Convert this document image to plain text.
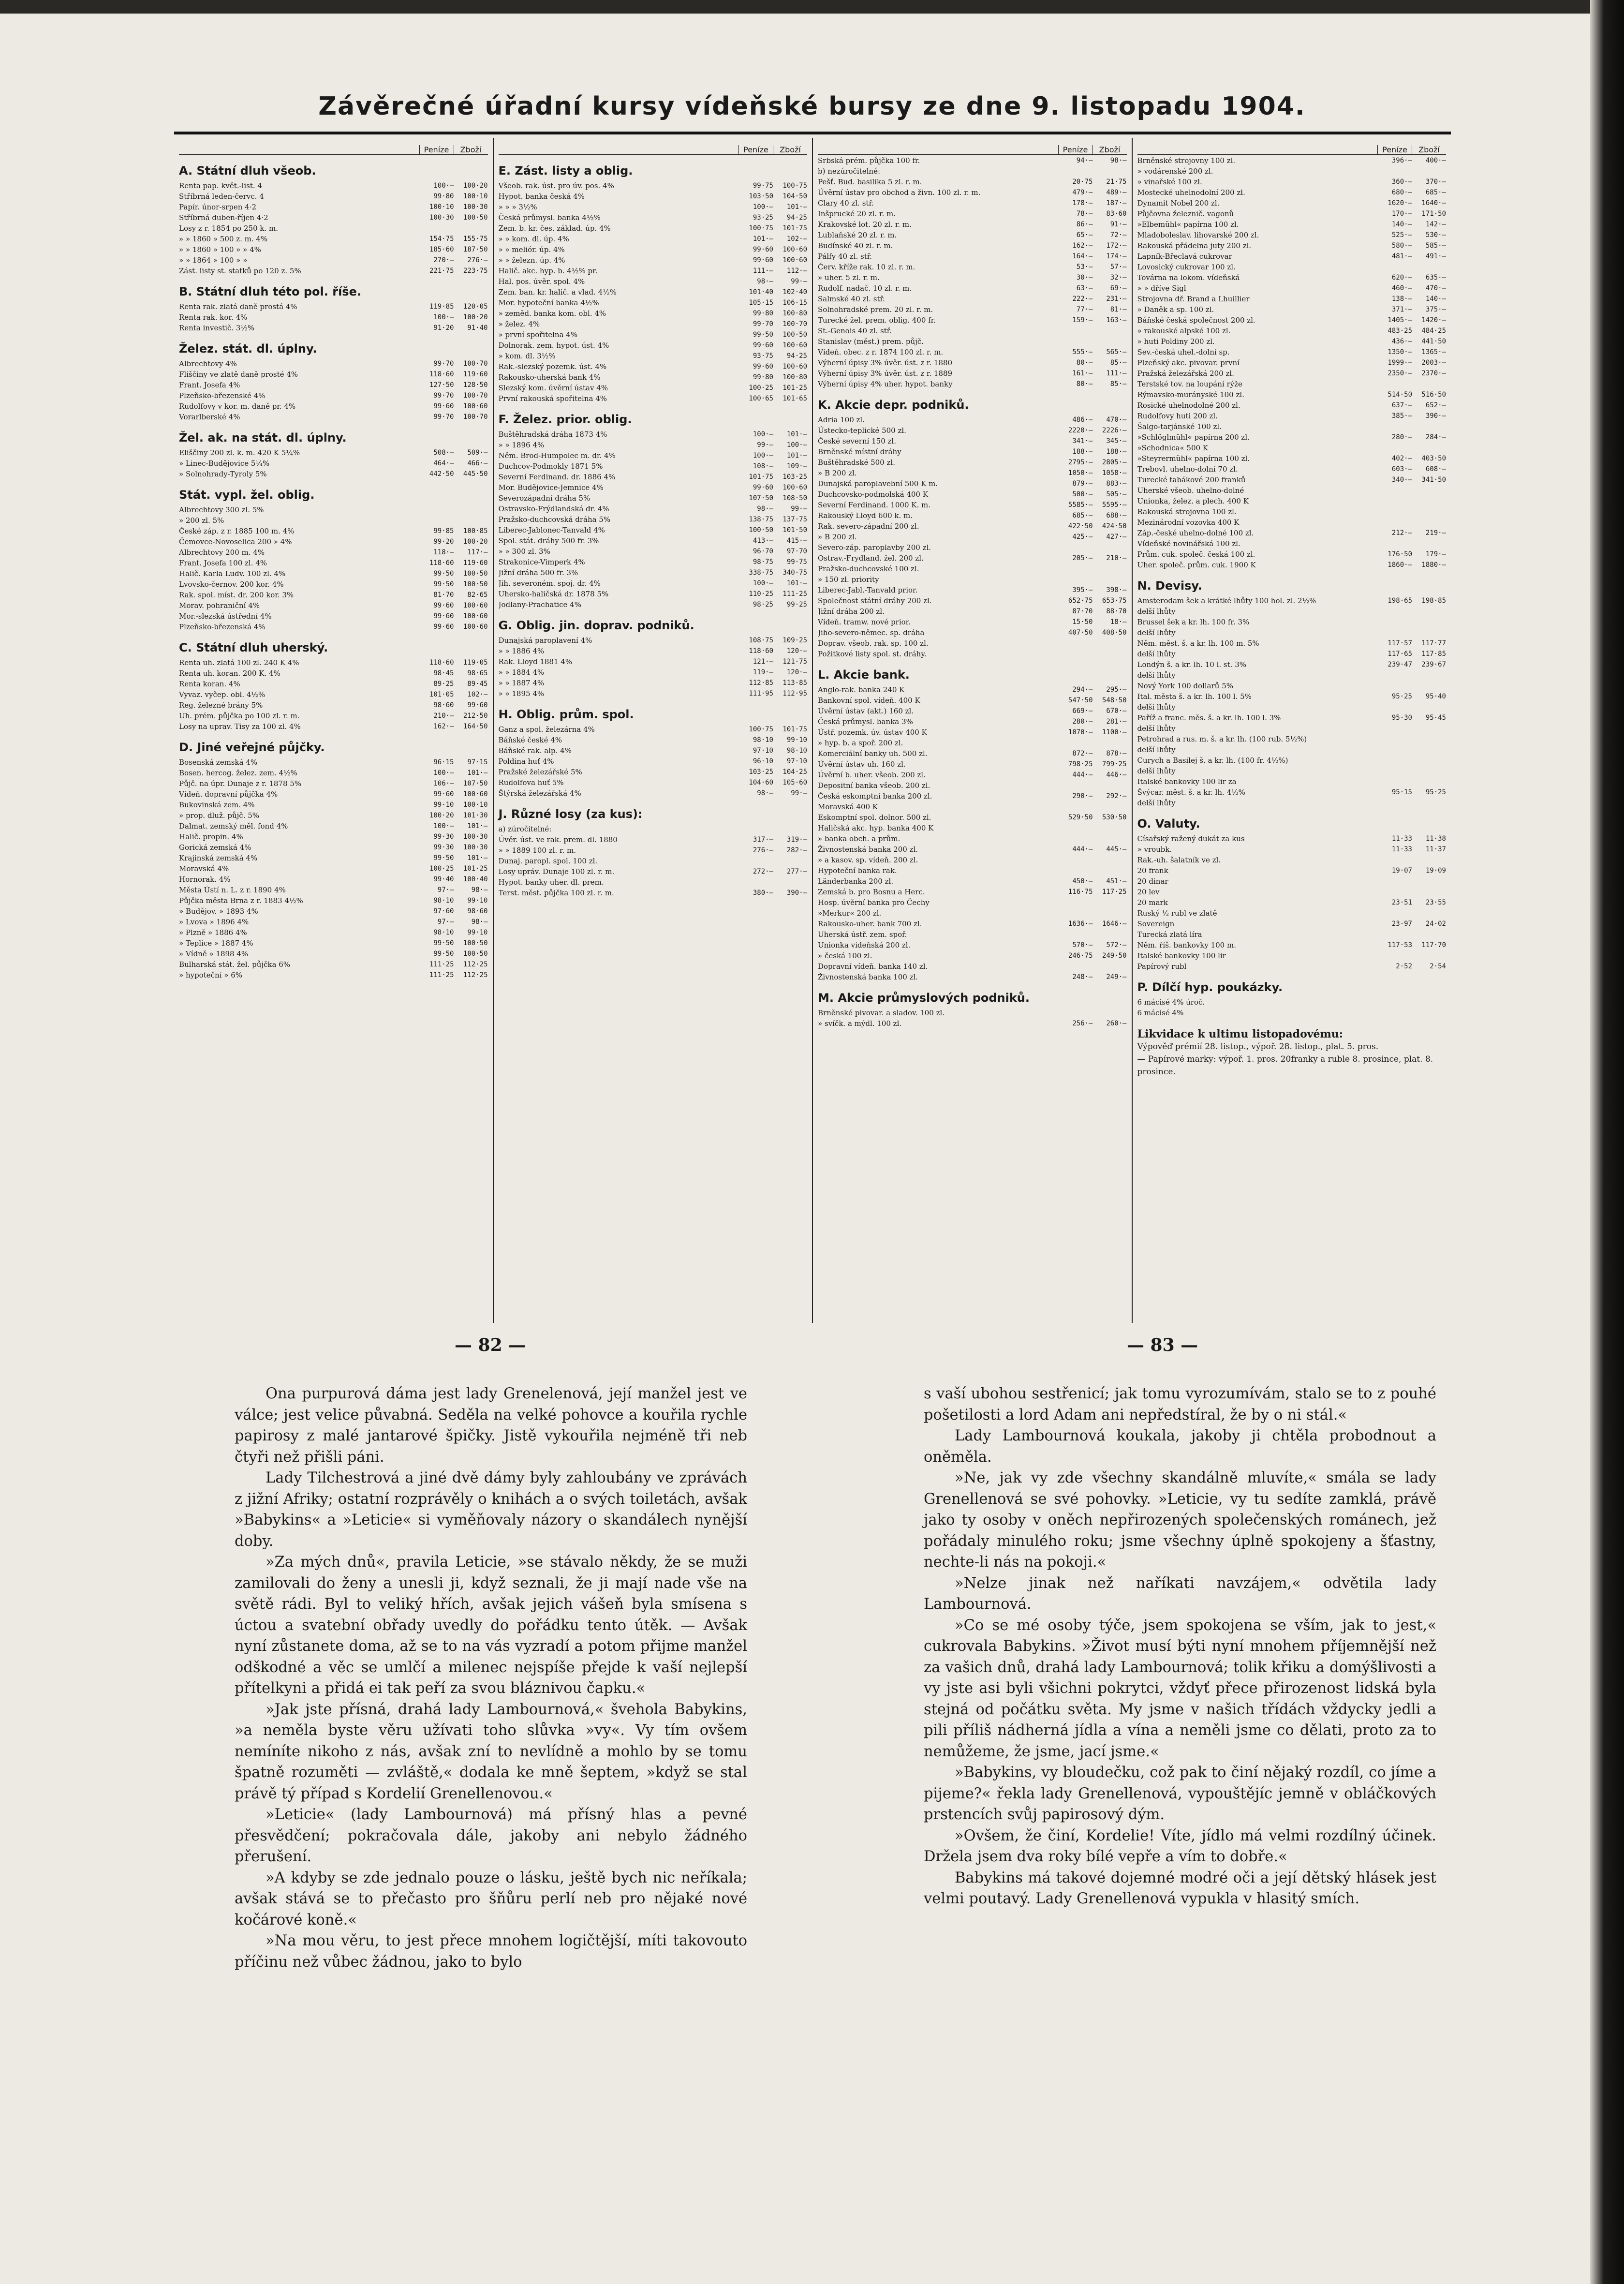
Závěrečné úřadní kursy vídeňské bursy ze dne 9. listopadu 1904.
Peníze	Zboží
A. Státní dluh všeob.
Renta pap. květ.-list. 4	100·—	100·20
Stříbrná leden-červc. 4	99·80	100·10
Papír. únor-srpen 4·2	100·10	100·30
Stříbrná duben-říjen 4·2	100·30	100·50
Losy z r. 1854 po 250 k. m.
» » 1860 » 500 z. m. 4%	154·75	155·75
» » 1860 » 100 » » 4%	185·60	187·50
» » 1864 » 100 » »	270·—	276·—
Zást. listy st. statků po 120 z. 5%	221·75	223·75
B. Státní dluh této pol. říše.
Renta rak. zlatá daně prostá 4%	119·85	120·05
Renta rak. kor. 4%	100·—	100·20
Renta investič. 3½%	91·20	91·40
Želez. stát. dl. úplny.
Albrechtovy 4%	99·70	100·70
Fliščiny ve zlatě daně prosté 4%	118·60	119·60
Frant. Josefa 4%	127·50	128·50
Plzeňsko-březenské 4%	99·70	100·70
Rudolfovy v kor. m. daně pr. 4%	99·60	100·60
Vorarlberské 4%	99·70	100·70
Žel. ak. na stát. dl. úplny.
Eliščiny 200 zl. k. m. 420 K 5¼%	508·—	509·—
» Linec-Budějovice 5¼%	464·—	466·—
» Solnohrady-Tyroly 5%	442·50	445·50
Stát. vypl. žel. oblig.
Albrechtovy 300 zl. 5%
» 200 zl. 5%
České záp. z r. 1885 100 m. 4%	99·85	100·85
Čemovce-Novoselica 200 » 4%	99·20	100·20
Albrechtovy 200 m. 4%	118·—	117·—
Frant. Josefa 100 zl. 4%	118·60	119·60
Halič. Karla Ludv. 100 zl. 4%	99·50	100·50
Lvovsko-černov. 200 kor. 4%	99·50	100·50
Rak. spol. míst. dr. 200 kor. 3%	81·70	82·65
Morav. pohraniční 4%	99·60	100·60
Mor.-slezská ústřední 4%	99·60	100·60
Plzeňsko-březenská 4%	99·60	100·60
C. Státní dluh uherský.
Renta uh. zlatá 100 zl. 240 K 4%	118·60	119·05
Renta uh. koran. 200 K. 4%	98·45	98·65
Renta koran. 4%	89·25	89·45
Vyvaz. vyčep. obl. 4½%	101·05	102·—
Reg. železné brány 5%	98·60	99·60
Uh. prém. půjčka po 100 zl. r. m.	210·—	212·50
Losy na uprav. Tisy za 100 zl. 4%	162·—	164·50
D. Jiné veřejné půjčky.
Bosenská zemská 4%	96·15	97·15
Bosen. hercog. želez. zem. 4½%	100·—	101·—
Půjč. na úpr. Dunaje z r. 1878 5%	106·—	107·50
Vídeň. dopravní půjčka 4%	99·60	100·60
Bukovinská zem. 4%	99·10	100·10
» prop. dluž. půjč. 5%	100·20	101·30
Dalmat. zemský měl. fond 4%	100·—	101·—
Halič. propin. 4%	99·30	100·30
Gorická zemská 4%	99·30	100·30
Krajinská zemská 4%	99·50	101·—
Moravská 4%	100·25	101·25
Hornorak. 4%	99·40	100·40
Města Ústí n. L. z r. 1890 4%	97·—	98·—
Půjčka města Brna z r. 1883 4½%	98·10	99·10
» Budějov. » 1893 4%	97·60	98·60
» Lvova » 1896 4%	97·—	98·—
» Plzně » 1886 4%	98·10	99·10
» Teplice » 1887 4%	99·50	100·50
» Vídně » 1898 4%	99·50	100·50
Bulharská stát. žel. půjčka 6%	111·25	112·25
» hypoteční » 6%	111·25	112·25
Peníze	Zboží
E. Zást. listy a oblig.
Všeob. rak. úst. pro úv. pos. 4%	99·75	100·75
Hypot. banka česká 4%	103·50	104·50
» » » 3½%	100·—	101·—
Česká průmysl. banka 4½%	93·25	94·25
Zem. b. kr. čes. základ. úp. 4%	100·75	101·75
» » kom. dl. úp. 4%	101·—	102·—
» » meliór. úp. 4%	99·60	100·60
» » železn. úp. 4%	99·60	100·60
Halič. akc. hyp. b. 4½% pr.	111·—	112·—
Hal. pos. úvěr. spol. 4%	98·—	99·—
Zem. ban. kr. halič. a vlad. 4½%	101·40	102·40
Mor. hypoteční banka 4½%	105·15	106·15
» zeměd. banka kom. obl. 4%	99·80	100·80
» želez. 4%	99·70	100·70
» první spořitelna 4%	99·50	100·50
Dolnorak. zem. hypot. úst. 4%	99·60	100·60
» kom. dl. 3½%	93·75	94·25
Rak.-slezský pozemk. úst. 4%	99·60	100·60
Rakousko-uherská bank 4%	99·80	100·80
Slezský kom. úvěrní ústav 4%	100·25	101·25
První rakouská spořitelna 4%	100·65	101·65
F. Želez. prior. oblig.
Buštěhradská dráha 1873 4%	100·—	101·—
» » 1896 4%	99·—	100·—
Něm. Brod-Humpolec m. dr. 4%	100·—	101·—
Duchcov-Podmokly 1871 5%	108·—	109·—
Severní Ferdinand. dr. 1886 4%	101·75	103·25
Mor. Budějovice-Jemnice 4%	99·60	100·60
Severozápadní dráha 5%	107·50	108·50
Ostravsko-Frýdlandská dr. 4%	98·—	99·—
Pražsko-duchcovská dráha 5%	138·75	137·75
Liberec-Jablonec-Tanvald 4%	100·50	101·50
Spol. stát. dráhy 500 fr. 3%	413·—	415·—
» » 300 zl. 3%	96·70	97·70
Strakonice-Vimperk 4%	98·75	99·75
Jižní dráha 500 fr. 3%	338·75	340·75
Jih. severoném. spoj. dr. 4%	100·—	101·—
Uhersko-haličská dr. 1878 5%	110·25	111·25
Jodlany-Prachatice 4%	98·25	99·25
G. Oblig. jin. doprav. podniků.
Dunajská paroplavení 4%	108·75	109·25
» » 1886 4%	118·60	120·—
Rak. Lloyd 1881 4%	121·—	121·75
» » 1884 4%	119·—	120·—
» » 1887 4%	112·85	113·85
» » 1895 4%	111·95	112·95
H. Oblig. prům. spol.
Ganz a spol. železárna 4%	100·75	101·75
Báňské české 4%	98·10	99·10
Báňské rak. alp. 4%	97·10	98·10
Poldina huť 4%	96·10	97·10
Pražské železářské 5%	103·25	104·25
Rudolfova huť 5%	104·60	105·60
Štýrská železářská 4%	98·—	99·—
J. Různé losy (za kus):
a) zúročitelné:
Úvěr. úst. ve rak. prem. dl. 1880	317·—	319·—
» » 1889 100 zl. r. m.	276·—	282·—
Dunaj. paropl. spol. 100 zl.
Losy upráv. Dunaje 100 zl. r. m.	272·—	277·—
Hypot. banky uher. dl. prem.
Terst. měst. půjčka 100 zl. r. m.	380·—	390·—
Peníze	Zboží
Srbská prém. půjčka 100 fr.	94·—	98·—
b) nezúročitelné:
Pešť. Bud. basilika 5 zl. r. m.	20·75	21·75
Úvěrní ústav pro obchod a živn. 100 zl. r. m.	479·—	489·—
Clary 40 zl. stř.	178·—	187·—
Inšprucké 20 zl. r. m.	78·—	83·60
Krakovské lot. 20 zl. r. m.	86·—	91·—
Lublaňské 20 zl. r. m.	65·—	72·—
Budínské 40 zl. r. m.	162·—	172·—
Pálfy 40 zl. stř.	164·—	174·—
Červ. kříže rak. 10 zl. r. m.	53·—	57·—
» uher. 5 zl. r. m.	30·—	32·—
Rudolf. nadač. 10 zl. r. m.	63·—	69·—
Salmské 40 zl. stř.	222·—	231·—
Solnohradské prem. 20 zl. r. m.	77·—	81·—
Turecké žel. prem. oblig. 400 fr.	159·—	163·—
St.-Genois 40 zl. stř.
Stanislav (měst.) prem. půjč.
Vídeň. obec. z r. 1874 100 zl. r. m.	555·—	565·—
Výherní úpisy 3% úvěr. úst. z r. 1880	80·—	85·—
Výherní úpisy 3% úvěr. úst. z r. 1889	161·—	111·—
Výherní úpisy 4% uher. hypot. banky	80·—	85·—
K. Akcie depr. podniků.
Adria 100 zl.	486·—	470·—
Ústecko-teplické 500 zl.	2220·—	2226·—
České severní 150 zl.	341·—	345·—
Brněnské místní dráhy	188·—	188·—
Buštěhradské 500 zl.	2795·—	2805·—
» B 200 zl.	1050·—	1058·—
Dunajská paroplavební 500 K m.	879·—	883·—
Duchcovsko-podmolská 400 K	500·—	505·—
Severní Ferdinand. 1000 K. m.	5585·—	5595·—
Rakouský Lloyd 600 k. m.	685·—	688·—
Rak. severo-západní 200 zl.	422·50	424·50
» B 200 zl.	425·—	427·—
Severo-záp. paroplavby 200 zl.
Ostrav.-Frydland. žel. 200 zl.	205·—	210·—
Pražsko-duchcovské 100 zl.
» 150 zl. priority
Liberec-Jabl.-Tanvald prior.	395·—	398·—
Společnost státní dráhy 200 zl.	652·75	653·75
Jižní dráha 200 zl.	87·70	88·70
Vídeň. tramw. nové prior.	15·50	18·—
Jiho-severo-němec. sp. dráha	407·50	408·50
Doprav. všeob. rak. sp. 100 zl.
Požitkové listy spol. st. dráhy.
L. Akcie bank.
Anglo-rak. banka 240 K	294·—	295·—
Bankovní spol. vídeň. 400 K	547·50	548·50
Úvěrní ústav (akt.) 160 zl.	669·—	670·—
Česká průmysl. banka 3%	280·—	281·—
Ústř. pozemk. úv. ústav 400 K	1070·—	1100·—
» hyp. b. a spoř. 200 zl.
Komerciální banky uh. 500 zl.	872·—	878·—
Úvěrní ústav uh. 160 zl.	798·25	799·25
Úvěrní b. uher. všeob. 200 zl.	444·—	446·—
Depositní banka všeob. 200 zl.
Česká eskomptní banka 200 zl.	290·—	292·—
Moravská 400 K
Eskomptní spol. dolnor. 500 zl.	529·50	530·50
Haličská akc. hyp. banka 400 K
» banka obch. a prům.
Živnostenská banka 200 zl.	444·—	445·—
» a kasov. sp. vídeň. 200 zl.
Hypoteční banka rak.
Länderbanka 200 zl.	450·—	451·—
Zemská b. pro Bosnu a Herc.	116·75	117·25
Hosp. úvěrní banka pro Čechy
»Merkur« 200 zl.
Rakousko-uher. bank 700 zl.	1636·—	1646·—
Uherská ústř. zem. spoř.
Unionka vídeňská 200 zl.	570·—	572·—
» česká 100 zl.	246·75	249·50
Dopravní vídeň. banka 140 zl.
Živnostenská banka 100 zl.	248·—	249·—
M. Akcie průmyslových podniků.
Brněnské pivovar. a sladov. 100 zl.
» svíčk. a mýdl. 100 zl.	256·—	260·—
Peníze	Zboží
Brněnské strojovny 100 zl.	396·—	400·—
» vodárenské 200 zl.
» vinařské 100 zl.	360·—	370·—
Mostecké uhelnodolní 200 zl.	680·—	685·—
Dynamit Nobel 200 zl.	1620·—	1640·—
Půjčovna železnič. vagonů	170·—	171·50
»Elbemühl« papírna 100 zl.	140·—	142·—
Mladoboleslav. lihovarské 200 zl.	525·—	530·—
Rakouská přádelna juty 200 zl.	580·—	585·—
Lapník-Břeclavá cukrovar	481·—	491·—
Lovosický cukrovar 100 zl.
Továrna na lokom. vídeňská	620·—	635·—
» » dříve Sigl	460·—	470·—
Strojovna dř. Brand a Lhuillier	138·—	140·—
» Daněk a sp. 100 zl.	371·—	375·—
Báňské česká společnost 200 zl.	1405·—	1420·—
» rakouské alpské 100 zl.	483·25	484·25
» huti Poldiny 200 zl.	436·—	441·50
Sev.-česká uhel.-dolní sp.	1350·—	1365·—
Plzeňský akc. pivovar. první	1999·—	2003·—
Pražská železářská 200 zl.	2350·—	2370·—
Terstské tov. na loupání rýže
Rýmavsko-murányské 100 zl.	514·50	516·50
Rosické uhelnodolné 200 zl.	637·—	652·—
Rudolfovy huti 200 zl.	385·—	390·—
Šalgo-tarjánské 100 zl.
»Schlöglmühl« papírna 200 zl.	280·—	284·—
»Schodnica« 500 K
»Steyrermühl« papírna 100 zl.	402·—	403·50
Trebovl. uhelno-dolní 70 zl.	603·—	608·—
Turecké tabákové 200 franků	340·—	341·50
Uherské všeob. uhelno-dolné
Unionka, želez. a plech. 400 K
Rakouská strojovna 100 zl.
Mezinárodní vozovka 400 K
Záp.-české uhelno-dolné 100 zl.	212·—	219·—
Vídeňské novinářská 100 zl.
Prům. cuk. společ. česká 100 zl.	176·50	179·—
Uher. společ. prům. cuk. 1900 K	1860·—	1880·—
N. Devisy.
Amsterodam šek a krátké lhůty 100 hol. zl. 2½%	198·65	198·85
delší lhůty
Brussel šek a kr. lh. 100 fr. 3%
delší lhůty
Něm. měst. š. a kr. lh. 100 m. 5%	117·57	117·77
delší lhůty	117·65	117·85
Londýn š. a kr. lh. 10 l. st. 3%	239·47	239·67
delší lhůty
Nový York 100 dollarů 5%
Ital. města š. a kr. lh. 100 l. 5%	95·25	95·40
delší lhůty
Paříž a franc. měs. š. a kr. lh. 100 l. 3%	95·30	95·45
delší lhůty
Petrohrad a rus. m. š. a kr. lh. (100 rub. 5½%)
delší lhůty
Curych a Basilej š. a kr. lh. (100 fr. 4½%)
delší lhůty
Italské bankovky 100 lir za
Švýcar. měst. š. a kr. lh. 4½%	95·15	95·25
delší lhůty
O. Valuty.
Císařský ražený dukát za kus	11·33	11·38
» vroubk.	11·33	11·37
Rak.-uh. šalatník ve zl.
20 frank	19·07	19·09
20 dinar
20 lev
20 mark	23·51	23·55
Ruský ½ rubl ve zlatě
Sovereign	23·97	24·02
Turecká zlatá líra
Něm. říš. bankovky 100 m.	117·53	117·70
Italské bankovky 100 lir
Papírový rubl	2·52	2·54
P. Dílčí hyp. poukázky.
6 mácisé 4% úroč.
6 mácisé 4%
Likvidace k ultimu listopadovému:
Výpověď prémií 28. listop., výpoř. 28. listop., plat. 5. pros.
— Papírové marky: výpoř. 1. pros. 20franky a ruble 8. prosince, plat. 8. prosince.
— 82 —	— 83 —

Ona purpurová dáma jest lady Grenelenová, její manžel jest ve válce; jest velice půvabná. Seděla na velké pohovce a kouřila rychle papirosy z malé jantarové špičky. Jistě vykouřila nejméně tři neb čtyři než přišli páni.

Lady Tilchestrová a jiné dvě dámy byly zahloubány ve zprávách z jižní Afriky; ostatní rozprávěly o knihách a o svých toiletách, avšak »Babykins« a »Leticie« si vyměňovaly názory o skandálech nynější doby.

»Za mých dnů«, pravila Leticie, »se stávalo někdy, že se muži zamilovali do ženy a unesli ji, když seznali, že ji mají nade vše na světě rádi. Byl to veliký hřích, avšak jejich vášeň byla smísena s úctou a svatební obřady uvedly do pořádku tento útěk. — Avšak nyní zůstanete doma, až se to na vás vyzradí a potom přijme manžel odškodné a věc se umlčí a milenec nejspíše přejde k vaší nejlepší přítelkyni a přidá ei tak peří za svou bláznivou čapku.«

»Jak jste přísná, drahá lady Lambournová,« švehola Babykins, »a neměla byste věru užívati toho slůvka »vy«. Vy tím ovšem nemíníte nikoho z nás, avšak zní to nevlídně a mohlo by se tomu špatně rozuměti — zvláště,« dodala ke mně šeptem, »když se stal právě tý případ s Kordelií Grenellenovou.«

»Leticie« (lady Lambournová) má přísný hlas a pevné přesvědčení; pokračovala dále, jakoby ani nebylo žádného přerušení.

»A kdyby se zde jednalo pouze o lásku, ještě bych nic neříkala; avšak stává se to přečasto pro šňůru perlí neb pro nějaké nové kočárové koně.«

»Na mou věru, to jest přece mnohem logičtější, míti takovouto příčinu než vůbec žádnou, jako to bylo

s vaší ubohou sestřenicí; jak tomu vyrozumívám, stalo se to z pouhé pošetilosti a lord Adam ani nepředstíral, že by o ni stál.«

Lady Lambournová koukala, jakoby ji chtěla probodnout a oněměla.

»Ne, jak vy zde všechny skandálně mluvíte,« smála se lady Grenellenová se své pohovky. »Leticie, vy tu sedíte zamklá, právě jako ty osoby v oněch nepřirozených společenských románech, jež pořádaly minulého roku; jsme všechny úplně spokojeny a šťastny, nechte-li nás na pokoji.«

»Nelze jinak než naříkati navzájem,« odvětila lady Lambournová.

»Co se mé osoby týče, jsem spokojena se vším, jak to jest,« cukrovala Babykins. »Život musí býti nyní mnohem příjemnější než za vašich dnů, drahá lady Lambournová; tolik křiku a domýšlivosti a vy jste asi byli všichni pokrytci, vždyť přece přirozenost lidská byla stejná od počátku světa. My jsme v našich třídách vždycky jedli a pili příliš nádherná jídla a vína a neměli jsme co dělati, proto za to nemůžeme, že jsme, jací jsme.«

»Babykins, vy bloudečku, což pak to činí nějaký rozdíl, co jíme a pijeme?« řekla lady Grenellenová, vypouštějíc jemně v obláčkových prstencích svůj papirosový dým.

»Ovšem, že činí, Kordelie! Víte, jídlo má velmi rozdílný účinek. Držela jsem dva roky bílé vepře a vím to dobře.«

Babykins má takové dojemné modré oči a její dětský hlásek jest velmi poutavý. Lady Grenellenová vypukla v hlasitý smích.
